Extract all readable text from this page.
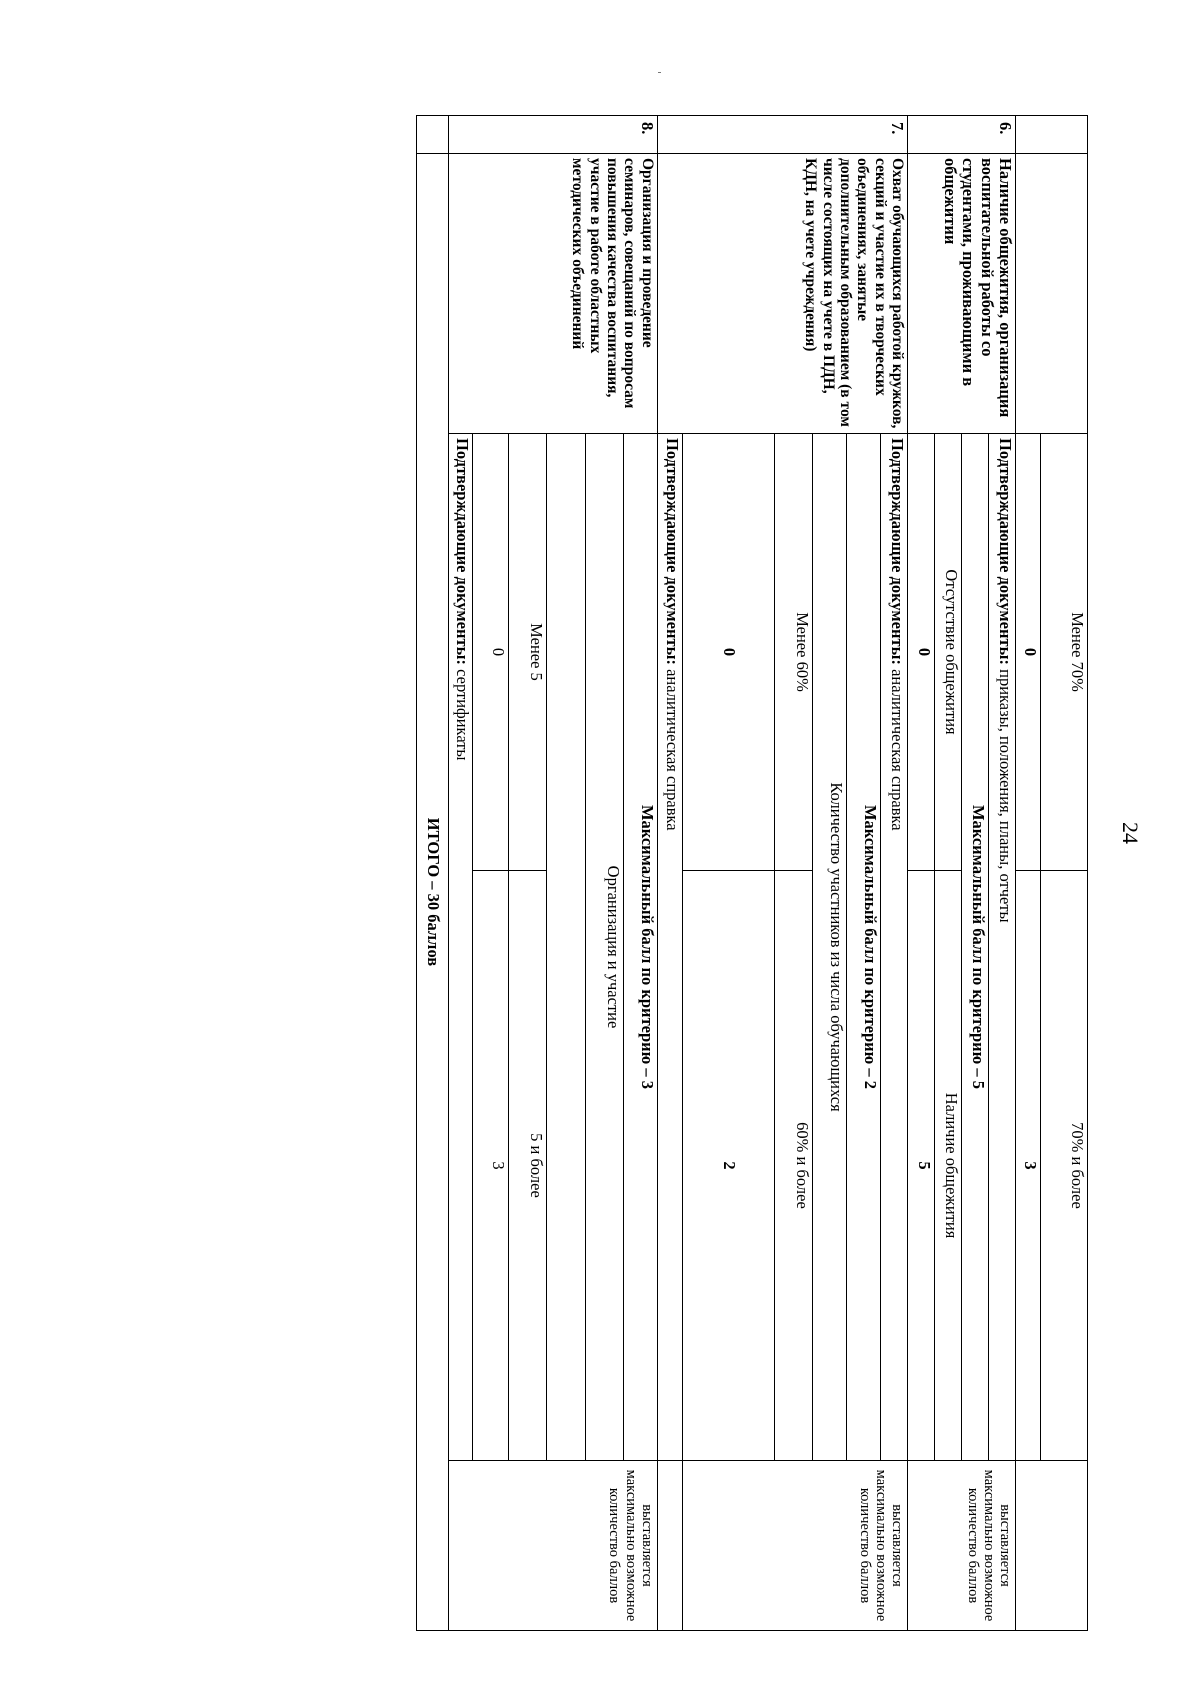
24
		Менее 70%	70% и более	
		0	3	
6.	Наличие общежития, организация воспитательной работы со студентами, проживающими в общежитии	Подтверждающие документы: приказы, положения, планы, отчеты		выставляется максимально возможное количество баллов
		Максимальный балл по критерию – 5		
		Отсутствие общежития	Наличие общежития	
		0	5	
7.	Охват обучающихся работой кружков, секций и участие их в творческих объединениях, занятые дополнительным образованием (в том числе состоящих на учете в ПДН, КДН, на учете учреждения)	Подтверждающие документы: аналитическая справка		выставляется максимально возможное количество баллов
		Максимальный балл по критерию – 2		
		Количество участников из числа обучающихся		
		Менее 60%	60% и более	
		0	2	
		Подтверждающие документы: аналитическая справка		
8.	Организация и проведение семинаров, совещаний по вопросам повышения качества воспитания, участие в работе областных методических объединений	Максимальный балл по критерию – 3		выставляется максимально возможное количество баллов
		Организация и участие		

		Менее 5	5 и более	
		0	3	
		Подтверждающие документы: сертификаты		
	ИТОГО – 30 баллов			
